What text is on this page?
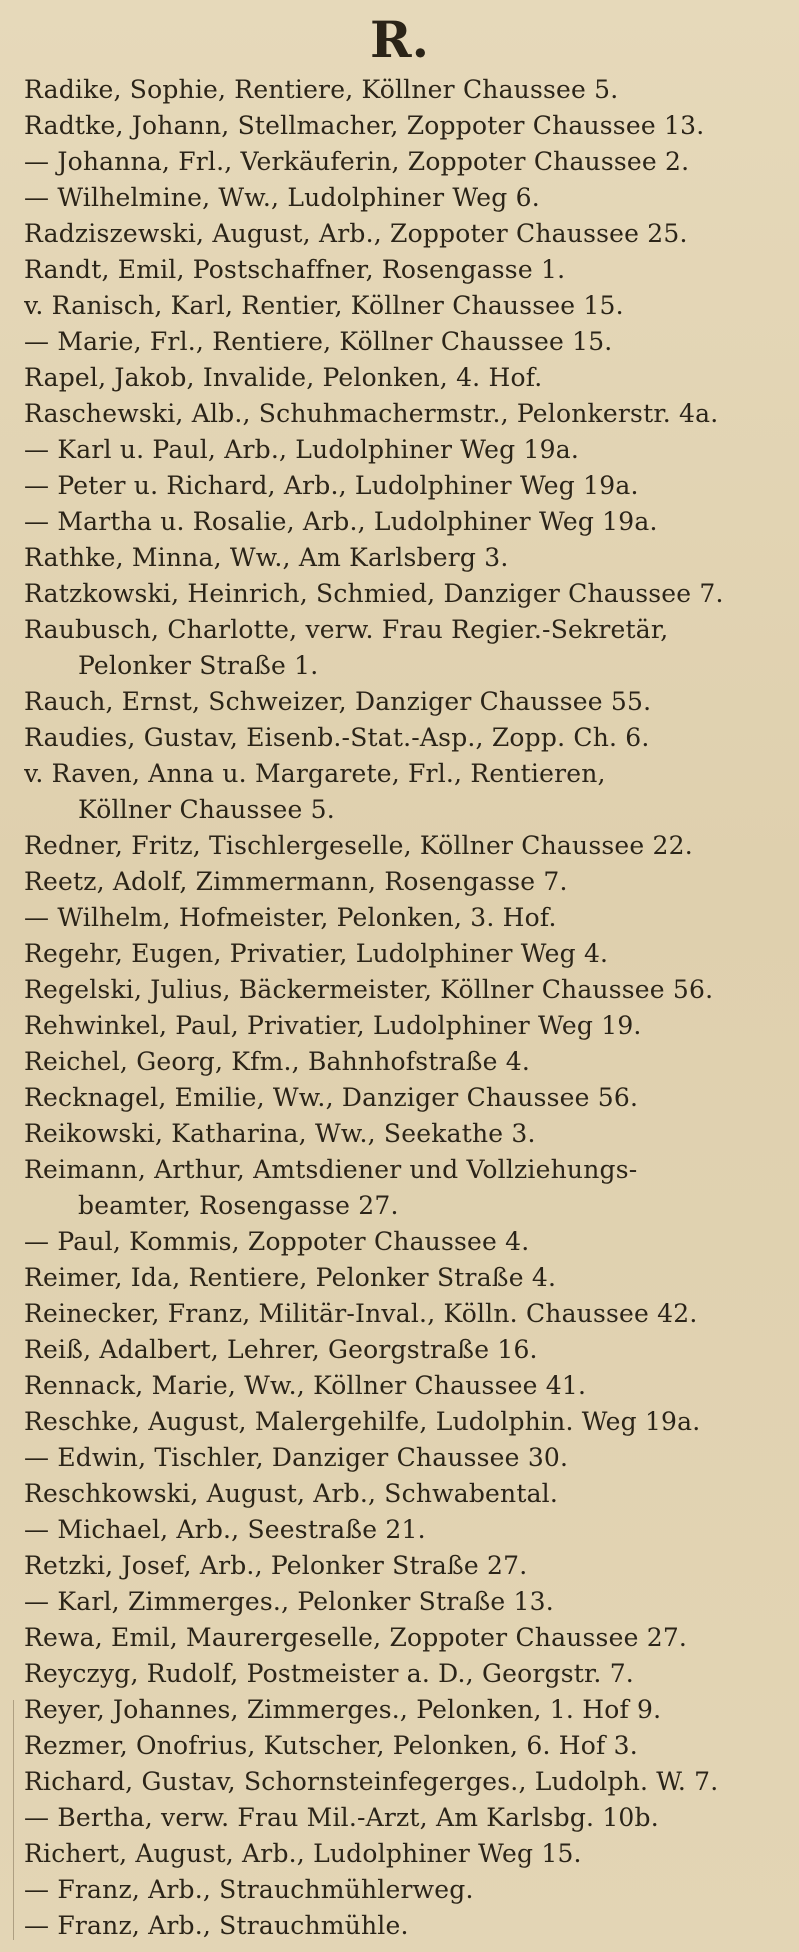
R.
Radike, Sophie, Rentiere, Köllner Chaussee 5.
Radtke, Johann, Stellmacher, Zoppoter Chaussee 13.
— Johanna, Frl., Verkäuferin, Zoppoter Chaussee 2.
— Wilhelmine, Ww., Ludolphiner Weg 6.
Radziszewski, August, Arb., Zoppoter Chaussee 25.
Randt, Emil, Postschaffner, Rosengasse 1.
v. Ranisch, Karl, Rentier, Köllner Chaussee 15.
— Marie, Frl., Rentiere, Köllner Chaussee 15.
Rapel, Jakob, Invalide, Pelonken, 4. Hof.
Raschewski, Alb., Schuhmachermstr., Pelonkerstr. 4a.
— Karl u. Paul, Arb., Ludolphiner Weg 19a.
— Peter u. Richard, Arb., Ludolphiner Weg 19a.
— Martha u. Rosalie, Arb., Ludolphiner Weg 19a.
Rathke, Minna, Ww., Am Karlsberg 3.
Ratzkowski, Heinrich, Schmied, Danziger Chaussee 7.
Raubusch, Charlotte, verw. Frau Regier.-Sekretär,
Pelonker Straße 1.
Rauch, Ernst, Schweizer, Danziger Chaussee 55.
Raudies, Gustav, Eisenb.-Stat.-Asp., Zopp. Ch. 6.
v. Raven, Anna u. Margarete, Frl., Rentieren,
Köllner Chaussee 5.
Redner, Fritz, Tischlergeselle, Köllner Chaussee 22.
Reetz, Adolf, Zimmermann, Rosengasse 7.
— Wilhelm, Hofmeister, Pelonken, 3. Hof.
Regehr, Eugen, Privatier, Ludolphiner Weg 4.
Regelski, Julius, Bäckermeister, Köllner Chaussee 56.
Rehwinkel, Paul, Privatier, Ludolphiner Weg 19.
Reichel, Georg, Kfm., Bahnhofstraße 4.
Recknagel, Emilie, Ww., Danziger Chaussee 56.
Reikowski, Katharina, Ww., Seekathe 3.
Reimann, Arthur, Amtsdiener und Vollziehungs-
beamter, Rosengasse 27.
— Paul, Kommis, Zoppoter Chaussee 4.
Reimer, Ida, Rentiere, Pelonker Straße 4.
Reinecker, Franz, Militär-Inval., Kölln. Chaussee 42.
Reiß, Adalbert, Lehrer, Georgstraße 16.
Rennack, Marie, Ww., Köllner Chaussee 41.
Reschke, August, Malergehilfe, Ludolphin. Weg 19a.
— Edwin, Tischler, Danziger Chaussee 30.
Reschkowski, August, Arb., Schwabental.
— Michael, Arb., Seestraße 21.
Retzki, Josef, Arb., Pelonker Straße 27.
— Karl, Zimmerges., Pelonker Straße 13.
Rewa, Emil, Maurergeselle, Zoppoter Chaussee 27.
Reyczyg, Rudolf, Postmeister a. D., Georgstr. 7.
Reyer, Johannes, Zimmerges., Pelonken, 1. Hof 9.
Rezmer, Onofrius, Kutscher, Pelonken, 6. Hof 3.
Richard, Gustav, Schornsteinfegerges., Ludolph. W. 7.
— Bertha, verw. Frau Mil.-Arzt, Am Karlsbg. 10b.
Richert, August, Arb., Ludolphiner Weg 15.
— Franz, Arb., Strauchmühlerweg.
— Franz, Arb., Strauchmühle.
